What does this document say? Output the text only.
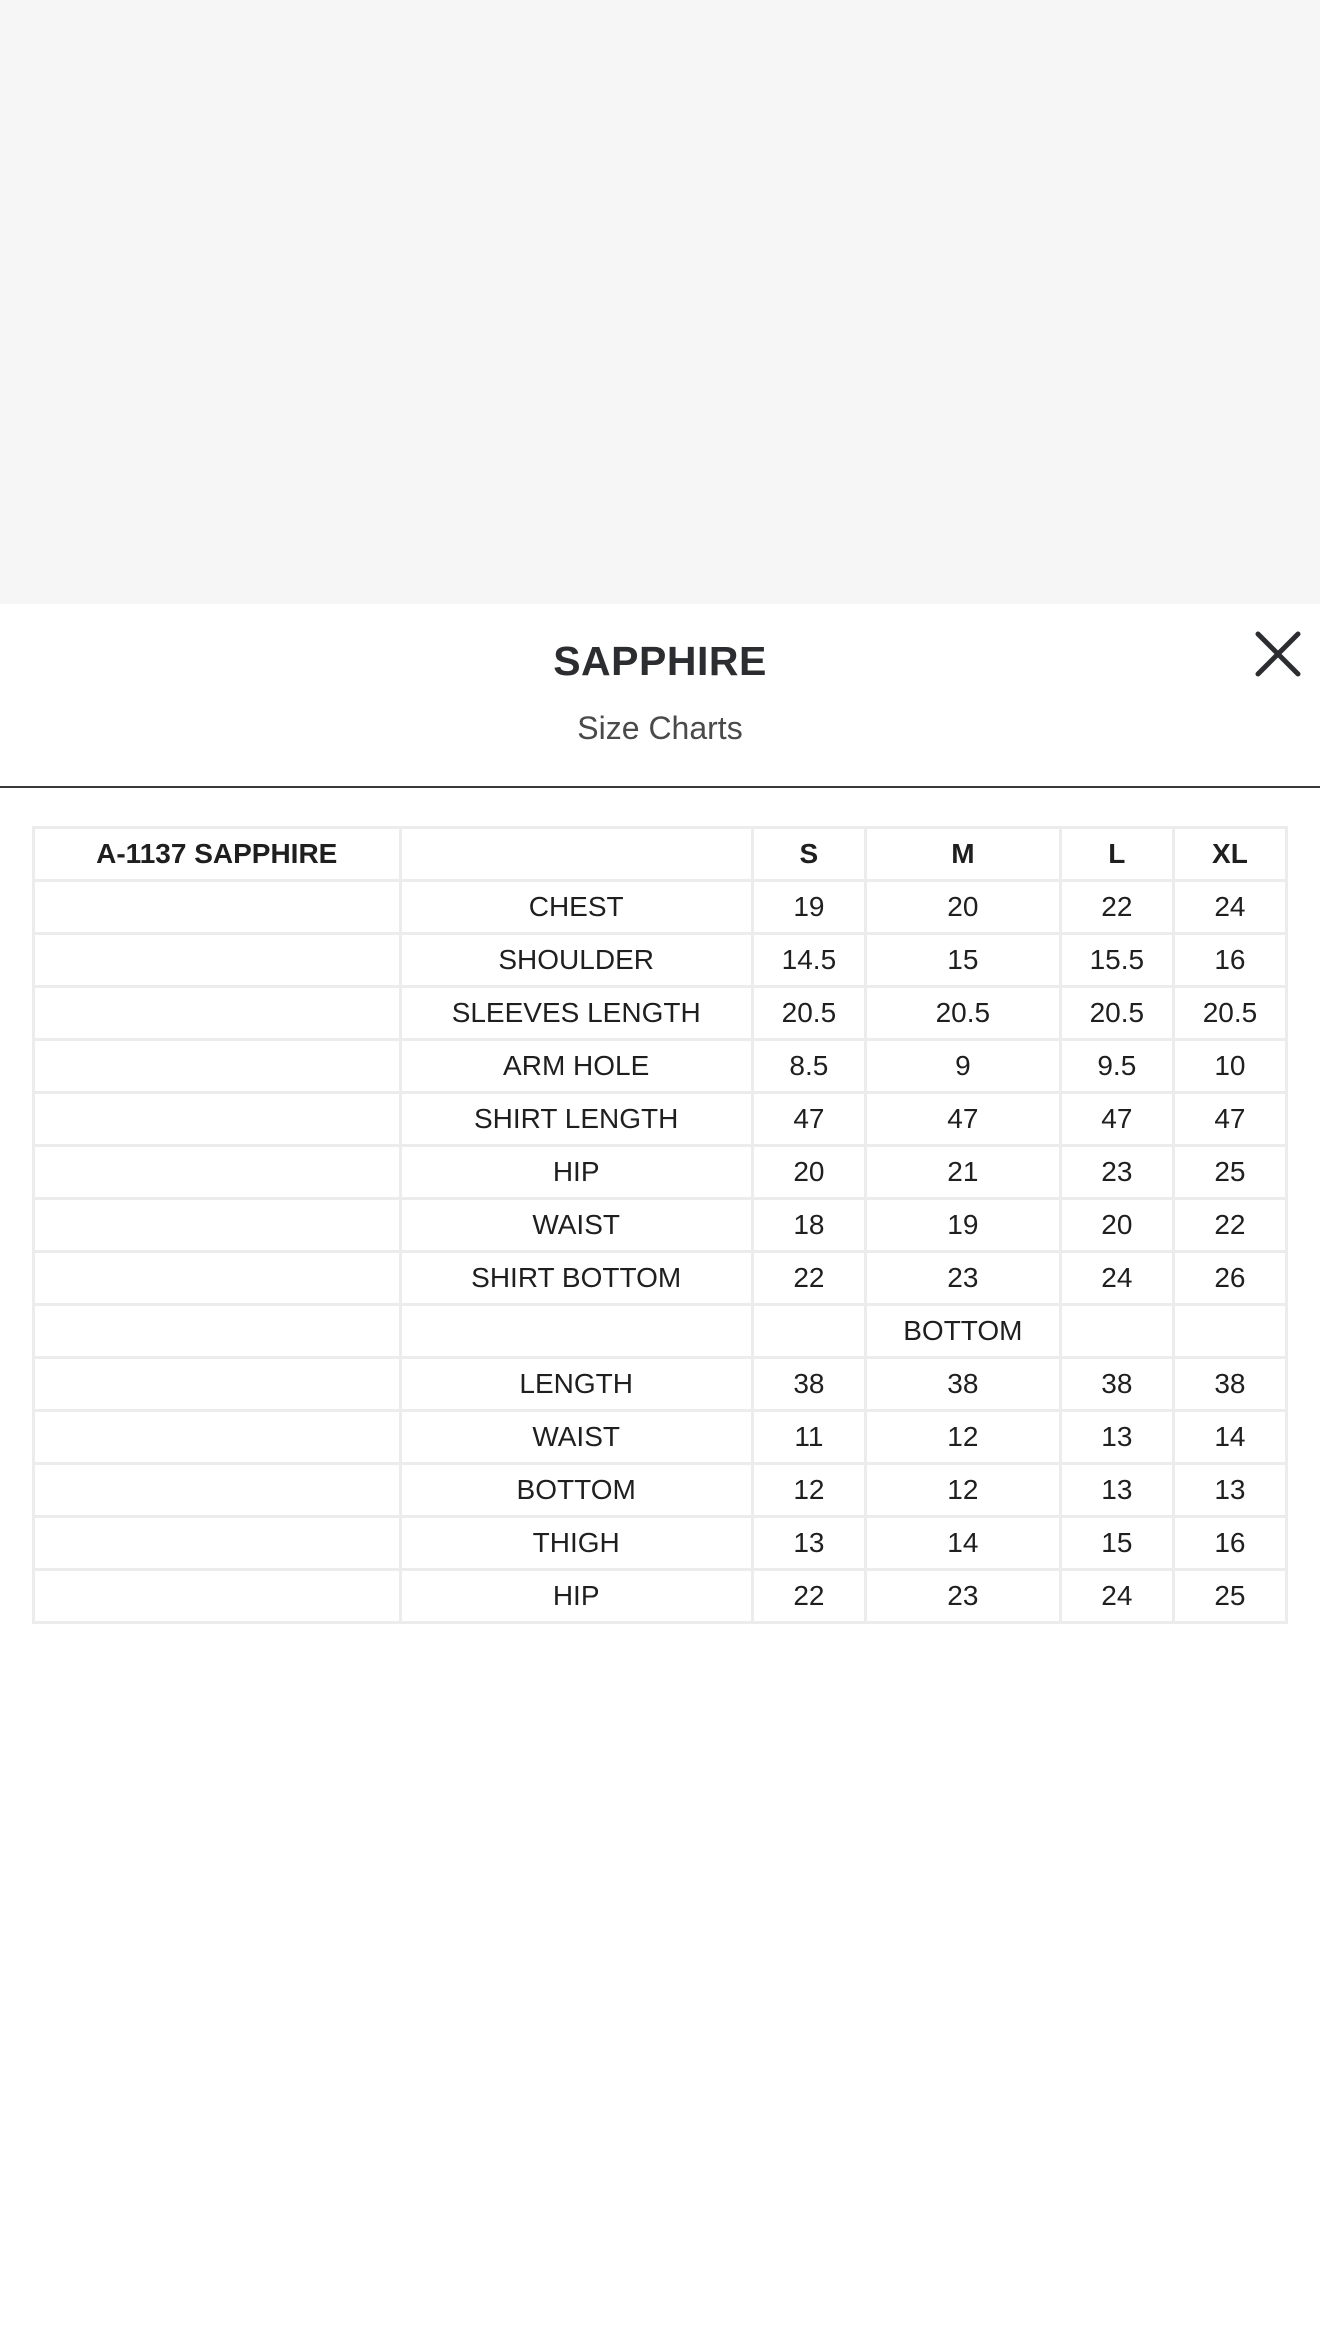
SAPPHIRE
Size Charts
A-1137 SAPPHIRE		S	M	L	XL
	CHEST	19	20	22	24
	SHOULDER	14.5	15	15.5	16
	SLEEVES LENGTH	20.5	20.5	20.5	20.5
	ARM HOLE	8.5	9	9.5	10
	SHIRT LENGTH	47	47	47	47
	HIP	20	21	23	25
	WAIST	18	19	20	22
	SHIRT BOTTOM	22	23	24	26
			BOTTOM		
	LENGTH	38	38	38	38
	WAIST	11	12	13	14
	BOTTOM	12	12	13	13
	THIGH	13	14	15	16
	HIP	22	23	24	25
